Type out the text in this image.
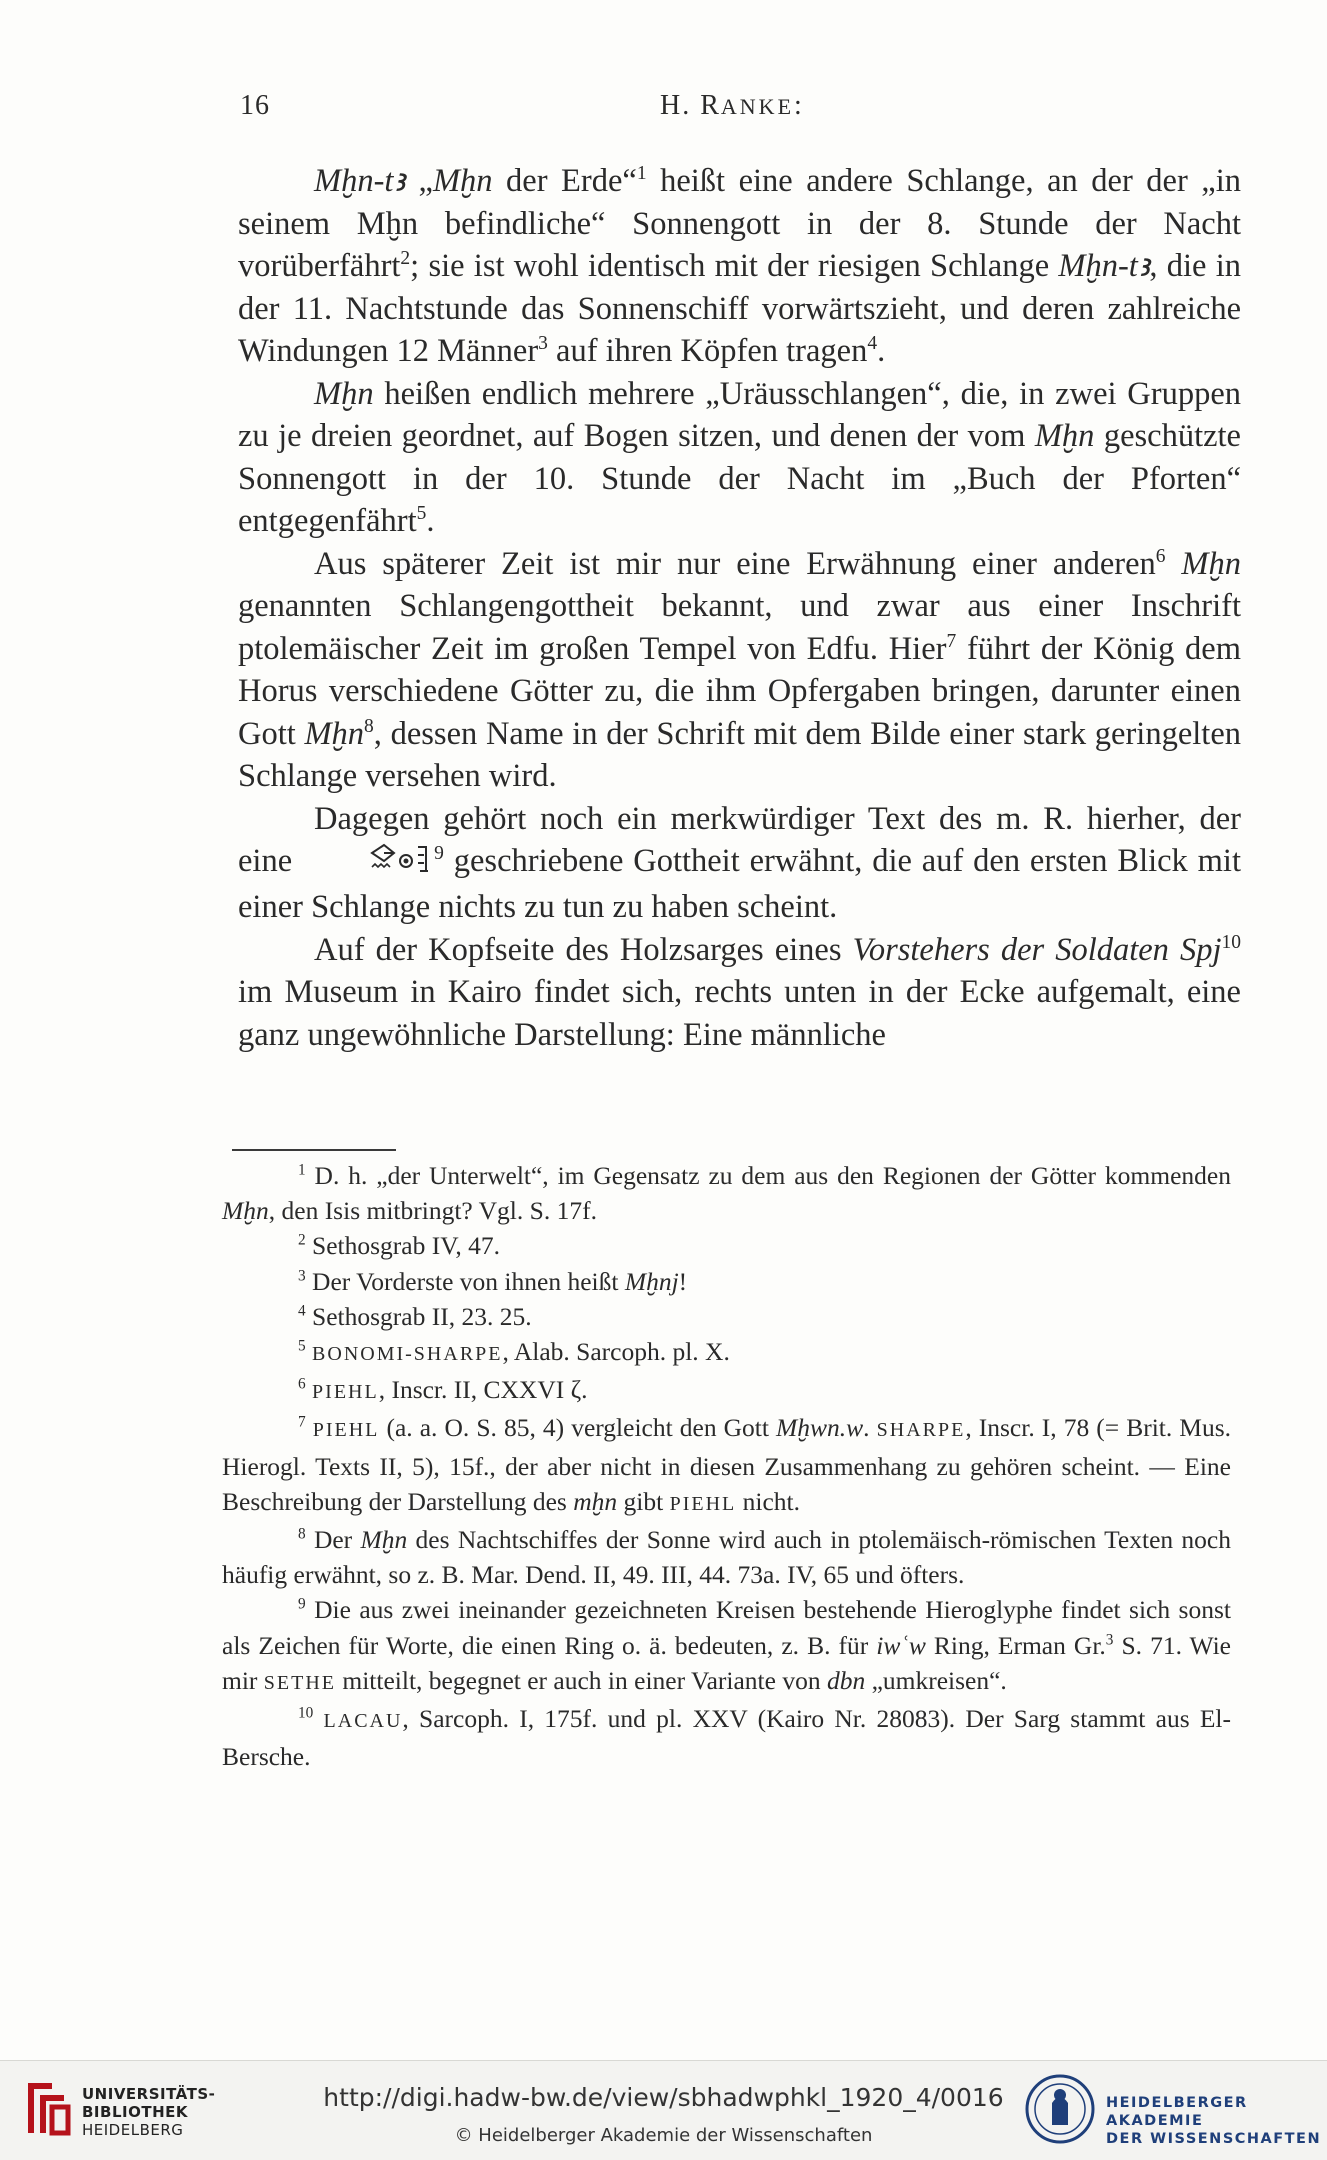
16	H. RANKE:

Mḫn-tꜣ „Mḫn der Erde“$^1$ heißt eine andere Schlange, an der der „in seinem Mḫn befindliche“ Sonnengott in der 8. Stunde der Nacht vorüberfährt$^2$; sie ist wohl identisch mit der riesigen Schlange Mḫn-tꜣ, die in der 11. Nachtstunde das Sonnenschiff vorwärtszieht, und deren zahlreiche Windungen 12 Männer$^3$ auf ihren Köpfen tragen$^4$.

Mḫn heißen endlich mehrere „Uräusschlangen“, die, in zwei Gruppen zu je dreien geordnet, auf Bogen sitzen, und denen der vom Mḫn geschützte Sonnengott in der 10. Stunde der Nacht im „Buch der Pforten“ entgegenfährt$^5$.

Aus späterer Zeit ist mir nur eine Erwähnung einer anderen$^6$ Mḫn genannten Schlangengottheit bekannt, und zwar aus einer Inschrift ptolemäischer Zeit im großen Tempel von Edfu. Hier$^7$ führt der König dem Horus verschiedene Götter zu, die ihm Opfergaben bringen, darunter einen Gott Mḫn$^8$, dessen Name in der Schrift mit dem Bilde einer stark geringelten Schlange versehen wird.

Dagegen gehört noch ein merkwürdiger Text des m. R. hierher, der eine	$^9$ geschriebene Gottheit erwähnt, die auf den ersten Blick mit einer Schlange nichts zu tun zu haben scheint.

Auf der Kopfseite des Holzsarges eines Vorstehers der Soldaten Spj$^{10}$ im Museum in Kairo findet sich, rechts unten in der Ecke aufgemalt, eine ganz ungewöhnliche Darstellung: Eine männliche

$^1$ D. h. „der Unterwelt“, im Gegensatz zu dem aus den Regionen der Götter kommenden Mḫn, den Isis mitbringt? Vgl. S. 17f.

$^2$ Sethosgrab IV, 47.

$^3$ Der Vorderste von ihnen heißt Mḫnj!

$^4$ Sethosgrab II, 23. 25.

$^5$ BONOMI-SHARPE, Alab. Sarcoph. pl. X.

$^6$ PIEHL, Inscr. II, CXXVI ζ.

$^7$ PIEHL (a. a. O. S. 85, 4) vergleicht den Gott Mḫwn.w. SHARPE, Inscr. I, 78 (= Brit. Mus. Hierogl. Texts II, 5), 15f., der aber nicht in diesen Zusammenhang zu gehören scheint. — Eine Beschreibung der Darstellung des mḫn gibt PIEHL nicht.

$^8$ Der Mḫn des Nachtschiffes der Sonne wird auch in ptolemäisch-römischen Texten noch häufig erwähnt, so z. B. Mar. Dend. II, 49. III, 44. 73a. IV, 65 und öfters.

$^9$ Die aus zwei ineinander gezeichneten Kreisen bestehende Hieroglyphe findet sich sonst als Zeichen für Worte, die einen Ring o. ä. bedeuten, z. B. für iwʿw Ring, Erman Gr.$^3$ S. 71. Wie mir SETHE mitteilt, begegnet er auch in einer Variante von dbn „umkreisen“.

$^{10}$ LACAU, Sarcoph. I, 175f. und pl. XXV (Kairo Nr. 28083). Der Sarg stammt aus El-Bersche.

UNIVERSITÄTS-
BIBLIOTHEK
HEIDELBERG
http://digi.hadw-bw.de/view/sbhadwphkl_1920_4/0016
© Heidelberger Akademie der Wissenschaften
HEIDELBERGER AKADEMIE
DER WISSENSCHAFTEN
